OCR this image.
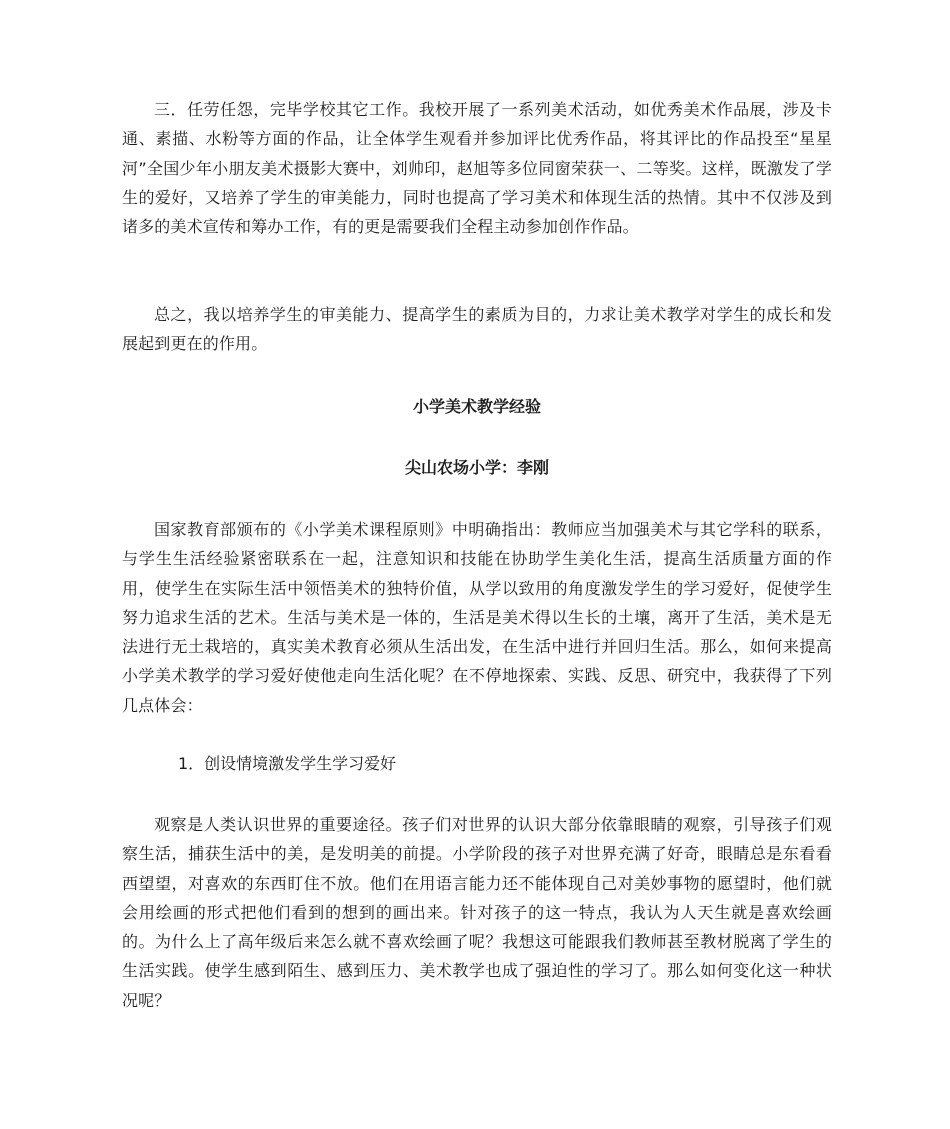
三．任劳任怨，完毕学校其它工作。我校开展了一系列美术活动，如优秀美术作品展，涉及卡通、素描、水粉等方面的作品，让全体学生观看并参加评比优秀作品，将其评比的作品投至“星星河”全国少年小朋友美术摄影大赛中，刘帅印，赵旭等多位同窗荣获一、二等奖。这样，既激发了学生的爱好，又培养了学生的审美能力，同时也提高了学习美术和体现生活的热情。其中不仅涉及到诸多的美术宣传和筹办工作，有的更是需要我们全程主动参加创作作品。

总之，我以培养学生的审美能力、提高学生的素质为目的，力求让美术教学对学生的成长和发展起到更在的作用。

小学美术教学经验
尖山农场小学：李刚

国家教育部颁布的《小学美术课程原则》中明确指出：教师应当加强美术与其它学科的联系，与学生生活经验紧密联系在一起，注意知识和技能在协助学生美化生活，提高生活质量方面的作用，使学生在实际生活中领悟美术的独特价值，从学以致用的角度激发学生的学习爱好，促使学生努力追求生活的艺术。生活与美术是一体的，生活是美术得以生长的土壤，离开了生活，美术是无法进行无土栽培的，真实美术教育必须从生活出发，在生活中进行并回归生活。那么，如何来提高小学美术教学的学习爱好使他走向生活化呢？在不停地探索、实践、反思、研究中，我获得了下列几点体会：

1．创设情境激发学生学习爱好

观察是人类认识世界的重要途径。孩子们对世界的认识大部分依靠眼睛的观察，引导孩子们观察生活，捕获生活中的美，是发明美的前提。小学阶段的孩子对世界充满了好奇，眼睛总是东看看西望望，对喜欢的东西盯住不放。他们在用语言能力还不能体现自己对美妙事物的愿望时，他们就会用绘画的形式把他们看到的想到的画出来。针对孩子的这一特点，我认为人天生就是喜欢绘画的。为什么上了高年级后来怎么就不喜欢绘画了呢？我想这可能跟我们教师甚至教材脱离了学生的生活实践。使学生感到陌生、感到压力、美术教学也成了强迫性的学习了。那么如何变化这一种状况呢？
